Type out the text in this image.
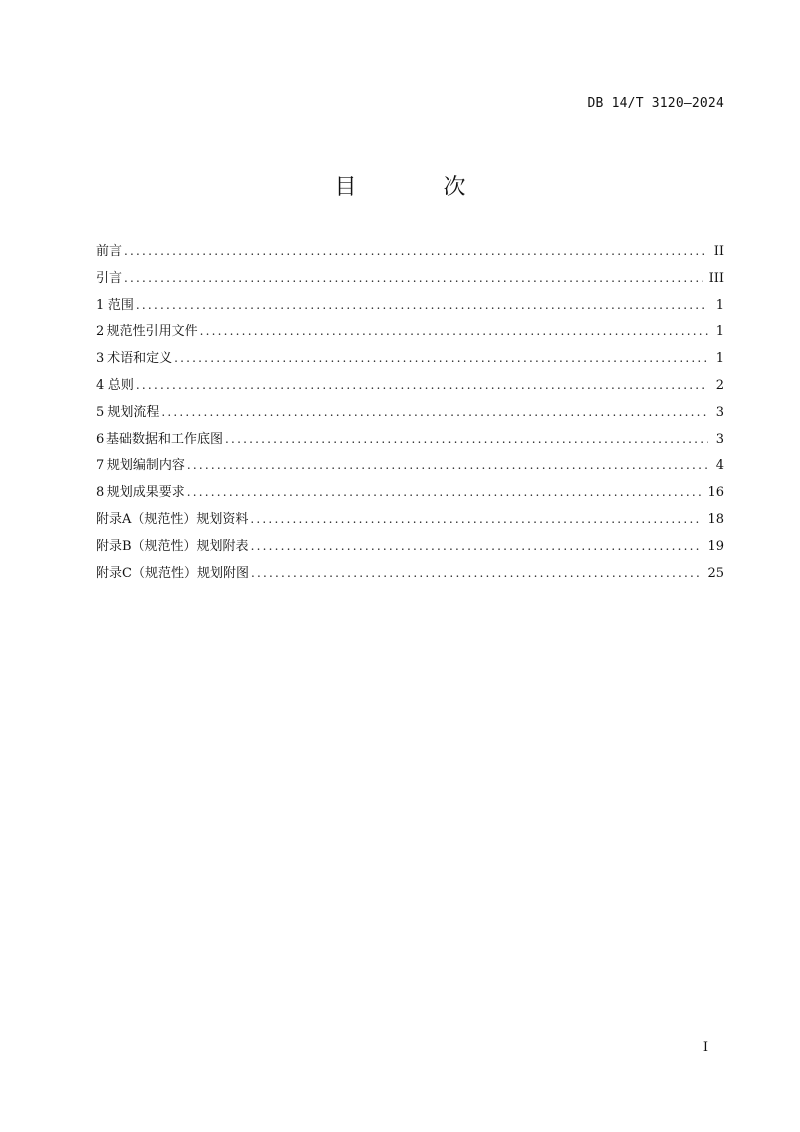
DB 14/T 3120—2024
目 次
前言 .....	II
引言 .....	III
1 范围 .....	1
2 规范性引用文件 .....	1
3 术语和定义 .....	1
4 总则 .....	2
5 规划流程 .....	3
6 基础数据和工作底图 .....	3
7 规划编制内容 .....	4
8 规划成果要求 .....	16
附录A（规范性）规划资料 .....	18
附录B（规范性）规划附表 .....	19
附录C（规范性）规划附图 .....	25
I
